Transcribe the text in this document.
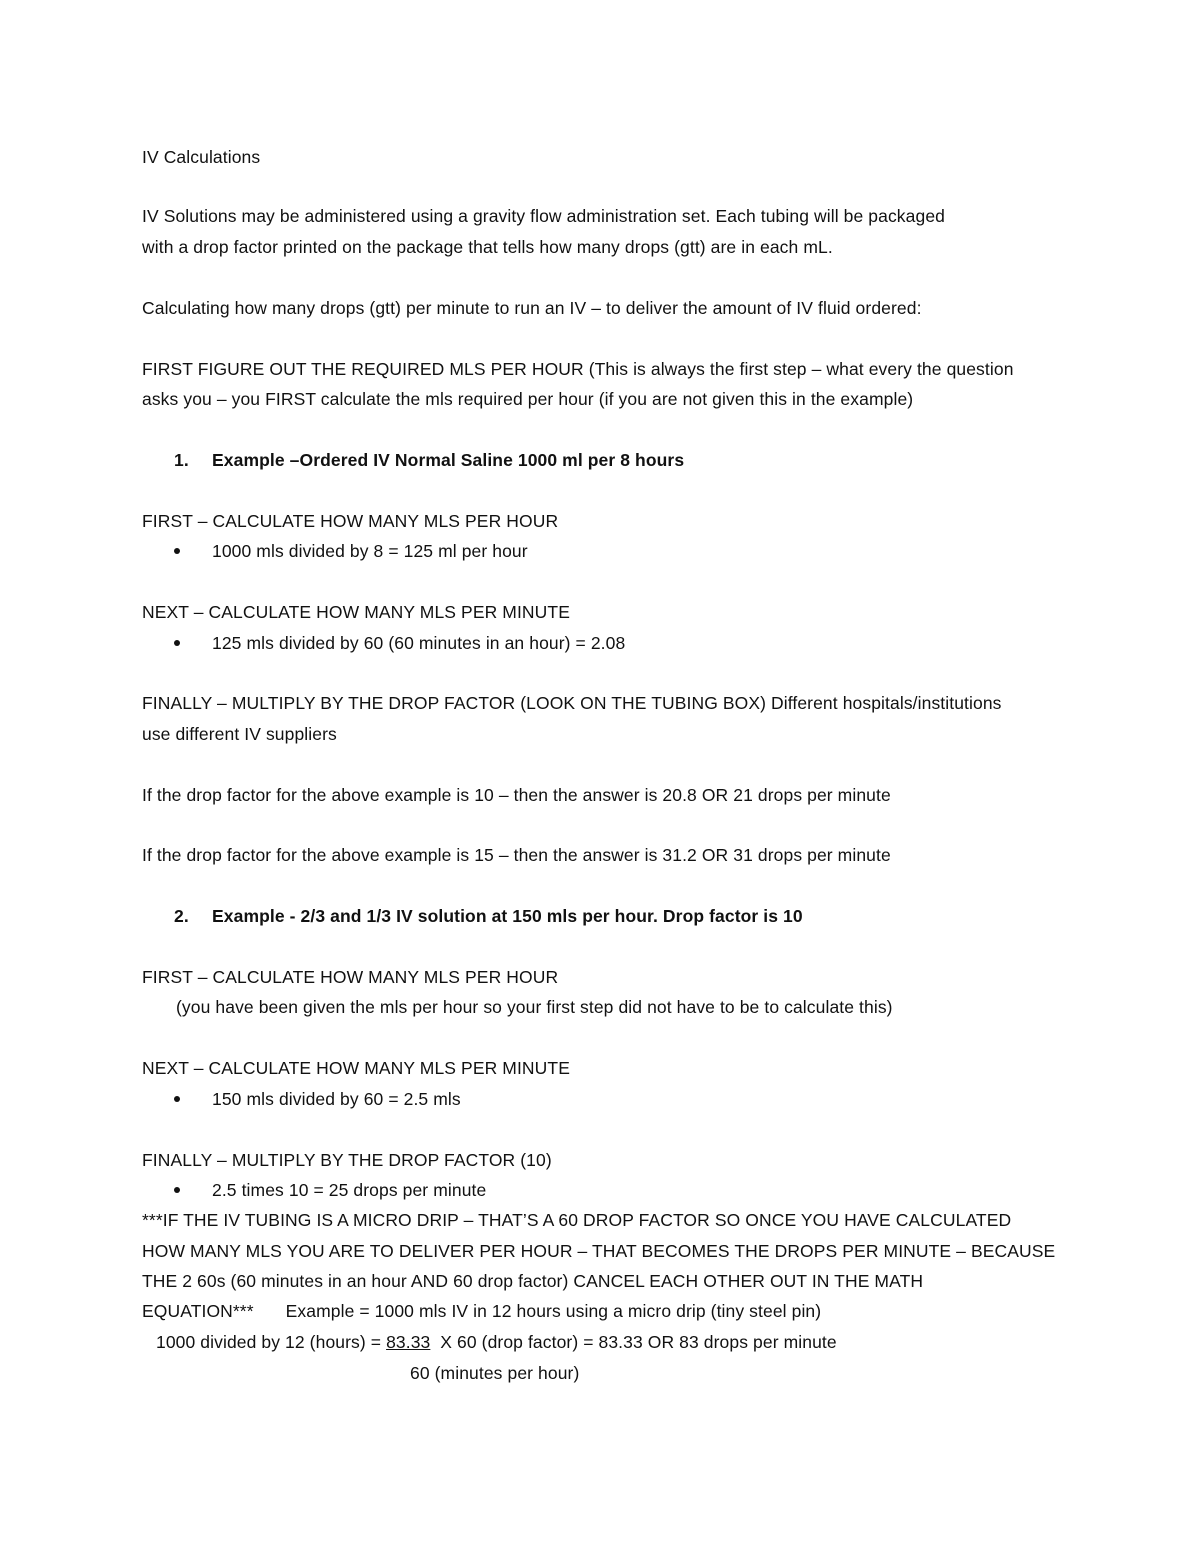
IV Calculations
IV Solutions may be administered using a gravity flow administration set. Each tubing will be packaged
with a drop factor printed on the package that tells how many drops (gtt) are in each mL.
Calculating how many drops (gtt) per minute to run an IV – to deliver the amount of IV fluid ordered:
FIRST FIGURE OUT THE REQUIRED MLS PER HOUR (This is always the first step – what every the question
asks you – you FIRST calculate the mls required per hour (if you are not given this in the example)
1. Example –Ordered IV Normal Saline 1000 ml per 8 hours
FIRST – CALCULATE HOW MANY MLS PER HOUR
1000 mls divided by 8 = 125 ml per hour
NEXT – CALCULATE HOW MANY MLS PER MINUTE
125 mls divided by 60 (60 minutes in an hour) = 2.08
FINALLY – MULTIPLY BY THE DROP FACTOR (LOOK ON THE TUBING BOX) Different hospitals/institutions
use different IV suppliers
If the drop factor for the above example is 10 – then the answer is 20.8 OR 21 drops per minute
If the drop factor for the above example is 15 – then the answer is 31.2 OR 31 drops per minute
2. Example - 2/3 and 1/3 IV solution at 150 mls per hour. Drop factor is 10
FIRST – CALCULATE HOW MANY MLS PER HOUR
(you have been given the mls per hour so your first step did not have to be to calculate this)
NEXT – CALCULATE HOW MANY MLS PER MINUTE
150 mls divided by 60 = 2.5 mls
FINALLY – MULTIPLY BY THE DROP FACTOR (10)
2.5 times 10 = 25 drops per minute
***IF THE IV TUBING IS A MICRO DRIP – THAT’S A 60 DROP FACTOR SO ONCE YOU HAVE CALCULATED
HOW MANY MLS YOU ARE TO DELIVER PER HOUR – THAT BECOMES THE DROPS PER MINUTE – BECAUSE
THE 2 60s (60 minutes in an hour AND 60 drop factor) CANCEL EACH OTHER OUT IN THE MATH
EQUATION*** Example = 1000 mls IV in 12 hours using a micro drip (tiny steel pin)
1000 divided by 12 (hours) = 83.33  X 60 (drop factor) = 83.33 OR 83 drops per minute
60 (minutes per hour)
